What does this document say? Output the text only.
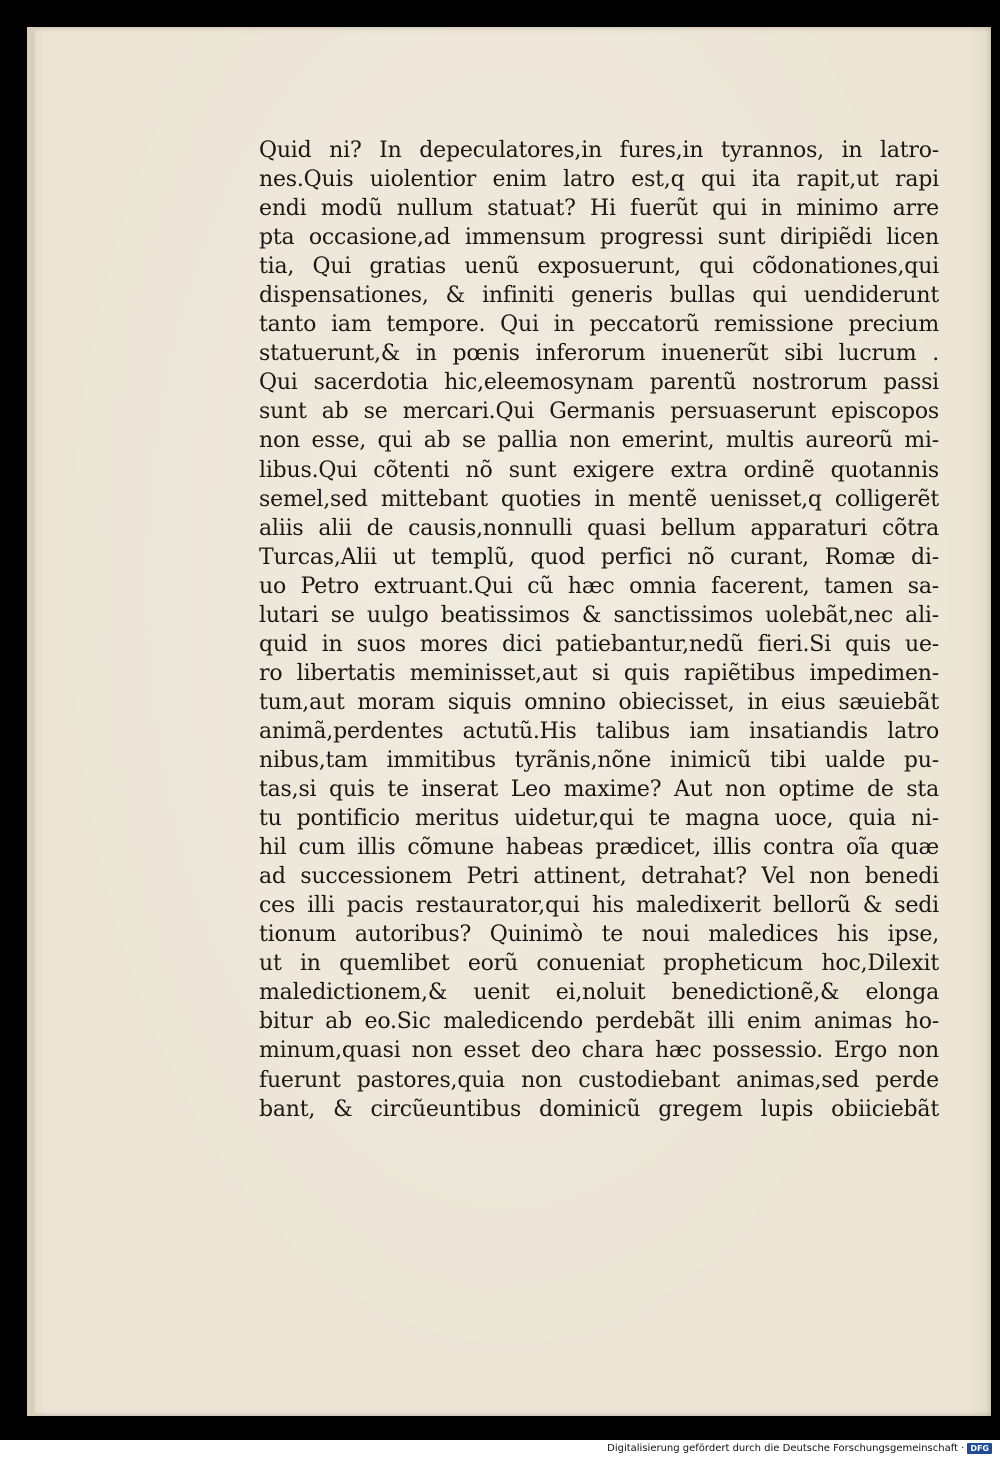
Quid ni? In depeculatores,in fures,in tyrannos, in latro-
nes.Quis uiolentior enim latro est,q qui ita rapit,ut rapi
endi modũ nullum statuat? Hi fuerũt qui in minimo arre
pta occasione,ad immensum progressi sunt diripiẽdi licen
tia, Qui gratias uenũ exposuerunt, qui cõdonationes,qui
dispensationes, & infiniti generis bullas qui uendiderunt
tanto iam tempore. Qui in peccatorũ remissione precium
statuerunt,& in pœnis inferorum inuenerũt sibi lucrum .
Qui sacerdotia hic,eleemosynam parentũ nostrorum passi
sunt ab se mercari.Qui Germanis persuaserunt episcopos
non esse, qui ab se pallia non emerint, multis aureorũ mi-
libus.Qui cõtenti nõ sunt exigere extra ordinẽ quotannis
semel,sed mittebant quoties in mentẽ uenisset,q colligerẽt
aliis alii de causis,nonnulli quasi bellum apparaturi cõtra
Turcas,Alii ut templũ, quod perfici nõ curant, Romæ di-
uo Petro extruant.Qui cũ hæc omnia facerent, tamen sa-
lutari se uulgo beatissimos & sanctissimos uolebãt,nec ali-
quid in suos mores dici patiebantur,nedũ fieri.Si quis ue-
ro libertatis meminisset,aut si quis rapiẽtibus impedimen-
tum,aut moram siquis omnino obiecisset, in eius sæuiebãt
animã,perdentes actutũ.His talibus iam insatiandis latro
nibus,tam immitibus tyrãnis,nõne inimicũ tibi ualde pu-
tas,si quis te inserat Leo maxime? Aut non optime de sta
tu pontificio meritus uidetur,qui te magna uoce, quia ni-
hil cum illis cõmune habeas prædicet, illis contra oĩa quæ
ad successionem Petri attinent, detrahat? Vel non benedi
ces illi pacis restaurator,qui his maledixerit bellorũ & sedi
tionum autoribus? Quinimò te noui maledices his ipse,
ut in quemlibet eorũ conueniat propheticum hoc,Dilexit
maledictionem,& uenit ei,noluit benedictionẽ,& elonga
bitur ab eo.Sic maledicendo perdebãt illi enim animas ho-
minum,quasi non esset deo chara hæc possessio. Ergo non
fuerunt pastores,quia non custodiebant animas,sed perde
bant, & circũeuntibus dominicũ gregem lupis obiiciebãt
Digitalisierung gefördert durch die Deutsche Forschungsgemeinschaft · DFG
